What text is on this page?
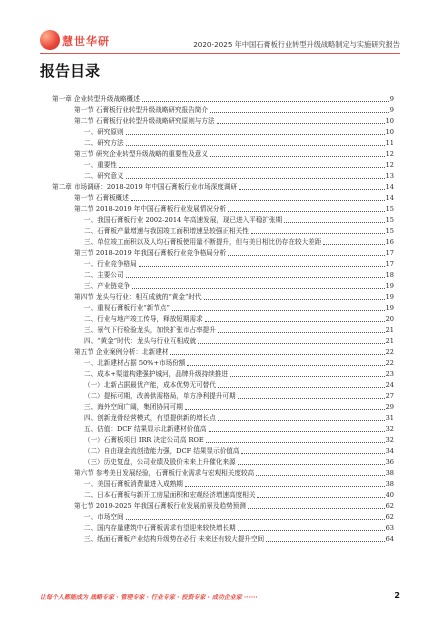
慧世华研	2020-2025 年中国石膏板行业转型升级战略制定与实施研究报告
报告目录
第一章 企业转型升级战略概述	9
第一节 石膏板行业转型升级战略研究报告简介	9
第二节 石膏板行业转型升级战略研究原则与方法	10
一、研究原则	10
二、研究方法	11
第三节 研究企业转型升级战略的重要性及意义	12
一、重要性	12
二、研究意义	13
第二章 市场调研：2018-2019 年中国石膏板行业市场深度调研	14
第一节 石膏板概述	14
第二节 2018-2019 年中国石膏板行业发展情况分析	15
一、我国石膏板行业 2002-2014 年高速发展，现已进入平稳扩张期	15
二、石膏板产量增速与我国竣工面积增速呈较强正相关性	15
三、单位竣工面积以及人均石膏板使用量不断提升，但与美日相比仍存在较大差距	16
第三节 2018-2019 年我国石膏板行业竞争格局分析	17
一、行业竞争格局	17
二、主要公司	18
三、产业链竞争	19
第四节 龙头与行业：相互成就的“黄金”时代	19
一、重视石膏板行业“新节点”	19
二、行业与地产竣工传导，释放短期需求	20
三、景气下行检验龙头，加快扩张市占率提升	21
四、“黄金”时代：龙头与行业互相成就	21
第五节 企业案例分析：北新建材	22
一、北新建材占据 50%+市场份额	22
二、成本+渠道构建强护城河，品牌升级持续推进	23
（一）北新占据最优产能，成本优势无可替代	24
（二）提标可期，改善供需格局，单方净利提升可期	27
三、海外空间广阔，集团协同可期	29
四、创新龙骨经营模式，有望提供新的增长点	31
五、估值：DCF 结果显示北新建材价值高	32
（一）石膏板项目 IRR 决定公司高 ROE	32
（二）自由现金流创造能力强，DCF 结果显示价值高	34
（三）历史复盘，公司业绩及股价未来上升催化来源	36
第六节 参考美日发展经验，石膏板行业需求与宏观相关度较高	38
一、美国石膏板消费量进入成熟期	38
二、日本石膏板与新开工房屋面积和宏观经济增速高度相关	40
第七节 2019-2025 年我国石膏板行业发展前景及趋势预测	62
一、市场空间	62
二、国内存量建筑中石膏板需求有望迎来较快增长期	63
三、纸面石膏板产业结构升级势在必行 未来还有较大提升空间	64
让每个人都能成为 战略专家 · 管理专家 · 行业专家 · 投资专家 · 成功企业家 ······	2
